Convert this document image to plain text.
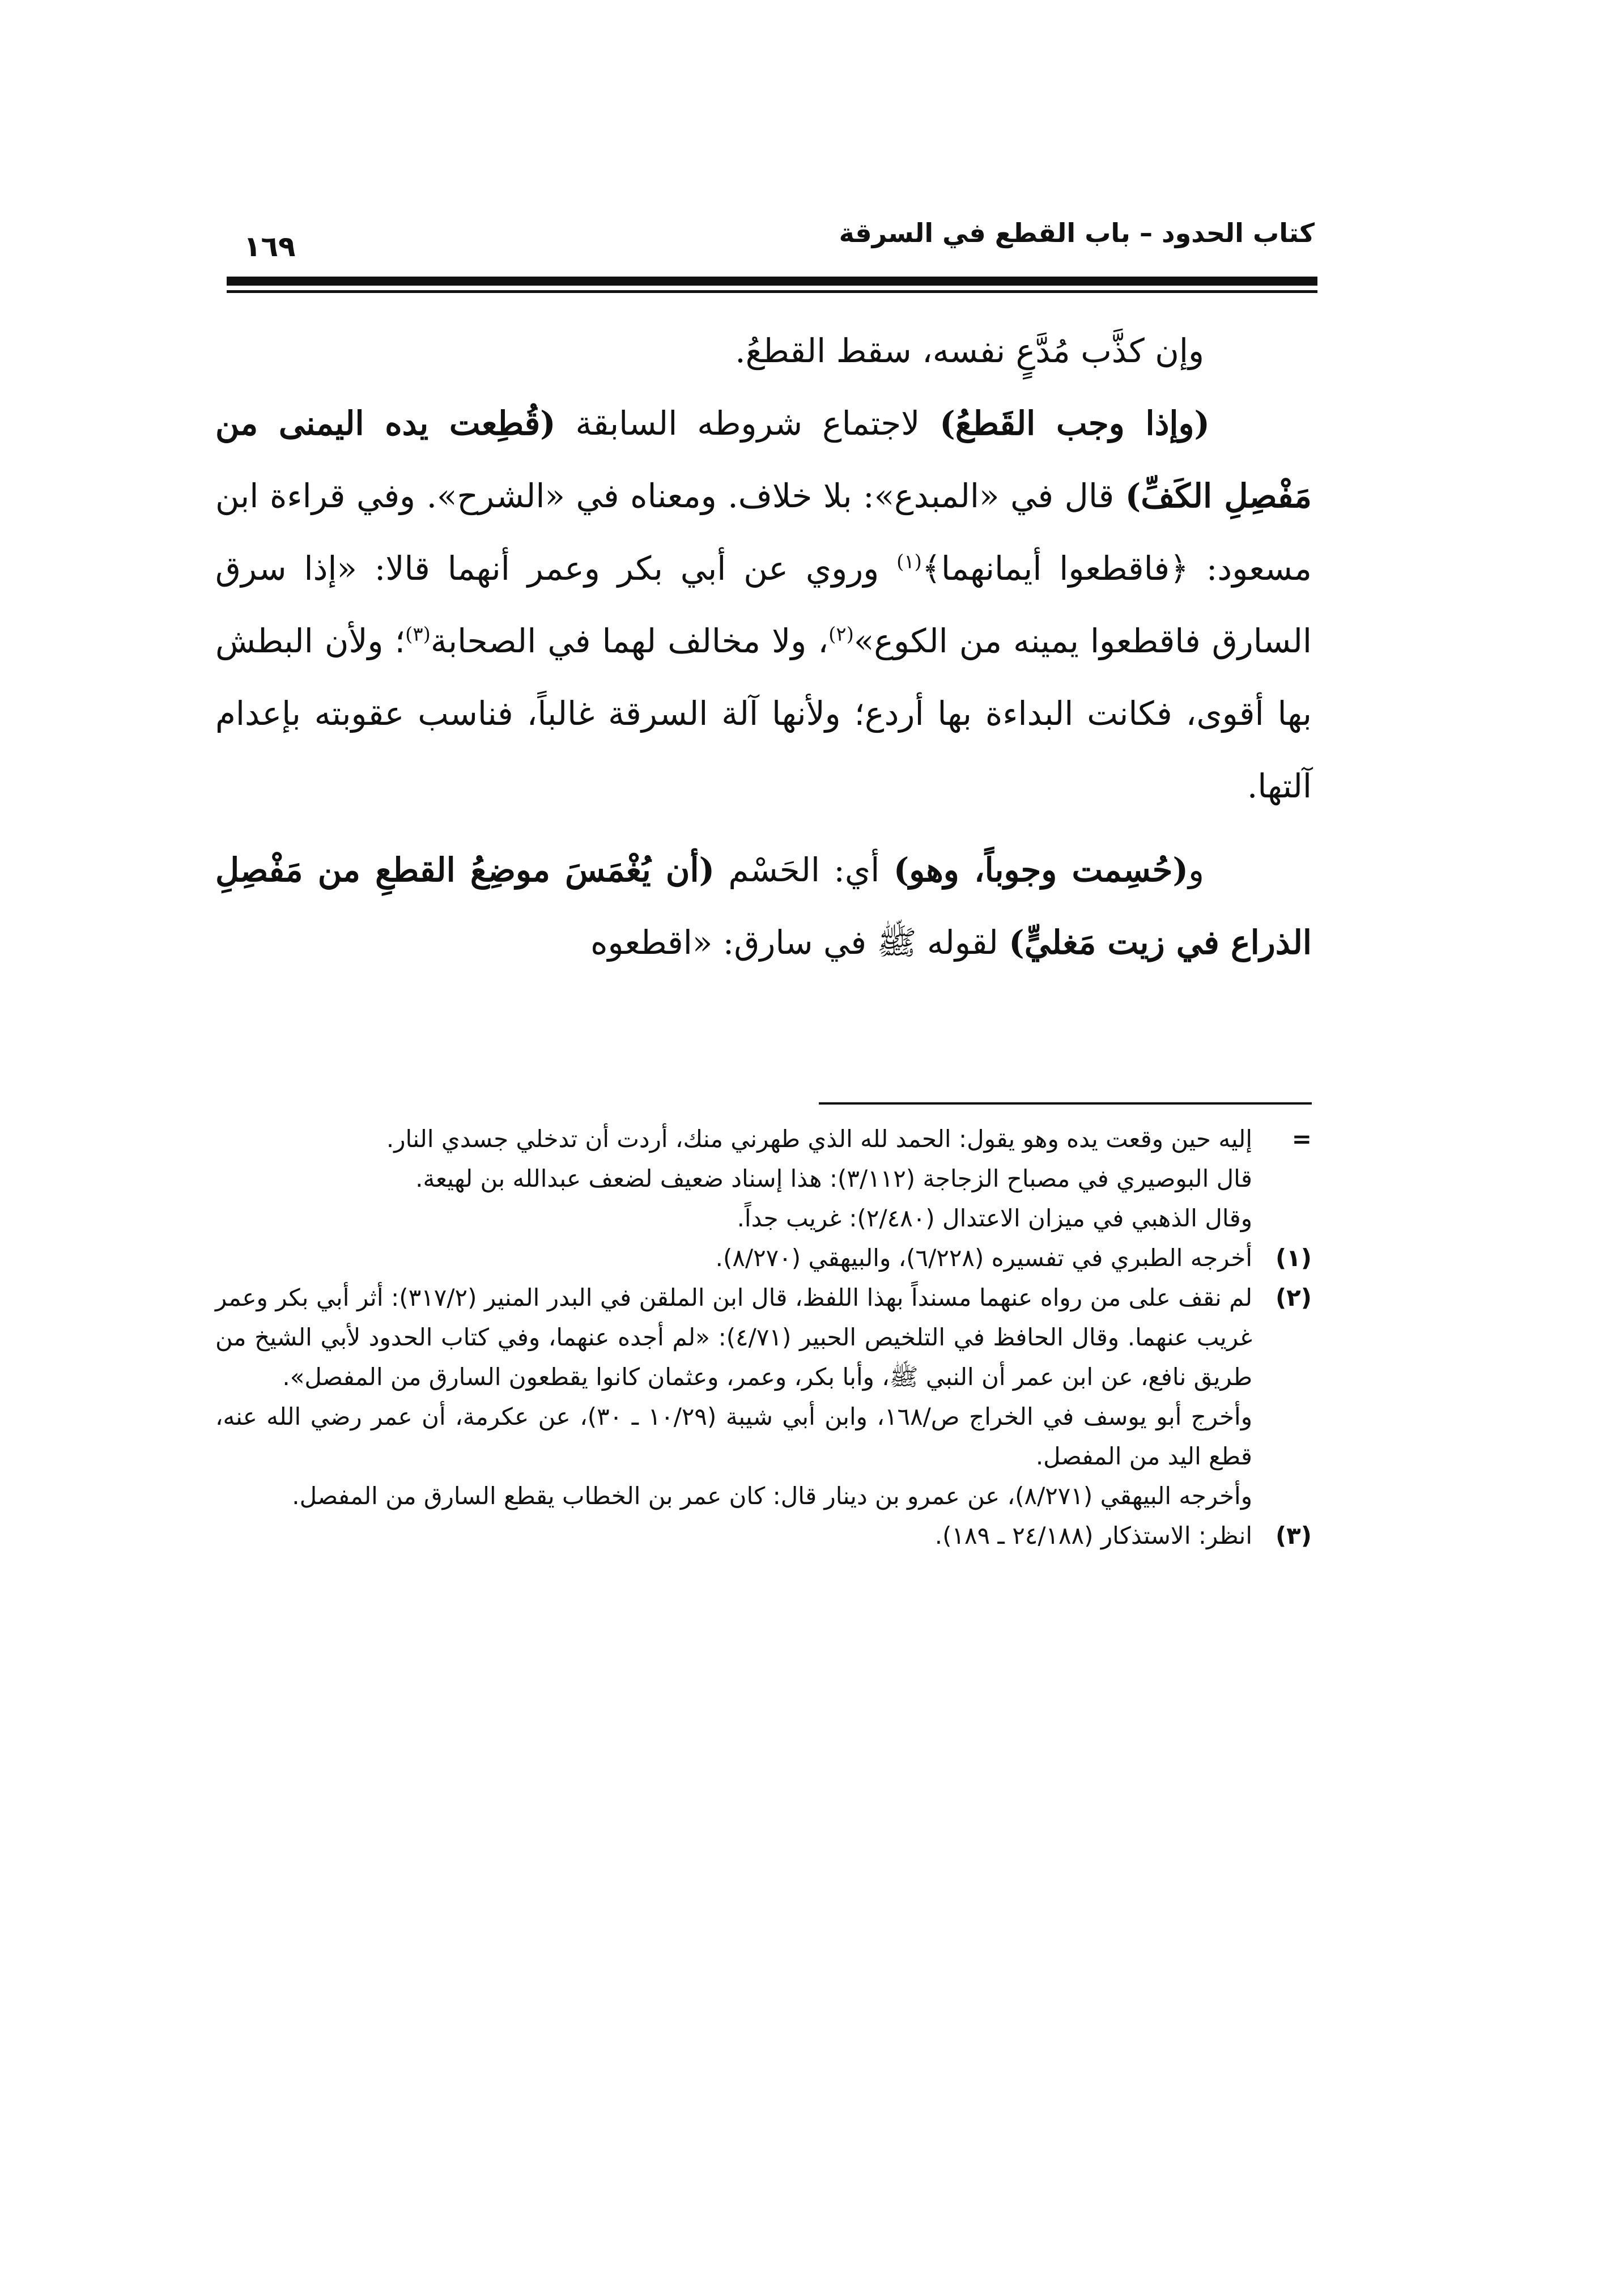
كتاب الحدود – باب القطع في السرقة
١٦٩

وإن كذَّب مُدَّعٍ نفسه، سقط القطعُ.

(وإذا وجب القَطعُ) لاجتماع شروطه السابقة (قُطِعت يده اليمنى من مَفْصِلِ الكَفِّ) قال في «المبدع»: بلا خلاف. ومعناه في «الشرح». وفي قراءة ابن مسعود: ﴿فاقطعوا أيمانهما﴾$^{(١)}$ وروي عن أبي بكر وعمر أنهما قالا: «إذا سرق السارق فاقطعوا يمينه من الكوع»$^{(٢)}$، ولا مخالف لهما في الصحابة$^{(٣)}$؛ ولأن البطش بها أقوى، فكانت البداءة بها أردع؛ ولأنها آلة السرقة غالباً، فناسب عقوبته بإعدام آلتها.

و(حُسِمت وجوباً، وهو) أي: الحَسْم (أن يُغْمَسَ موضِعُ القطعِ من مَفْصِلِ الذراع في زيت مَغليٍّ) لقوله ﷺ في سارق: «اقطعوه

=
إليه حين وقعت يده وهو يقول: الحمد لله الذي طهرني منك، أردت أن تدخلي جسدي النار.
قال البوصيري في مصباح الزجاجة (٣/١١٢): هذا إسناد ضعيف لضعف عبدالله بن لهيعة.
وقال الذهبي في ميزان الاعتدال (٢/٤٨٠): غريب جداً.
(١)
أخرجه الطبري في تفسيره (٦/٢٢٨)، والبيهقي (٨/٢٧٠).
(٢)
لم نقف على من رواه عنهما مسنداً بهذا اللفظ، قال ابن الملقن في البدر المنير (٣١٧/٢): أثر أبي بكر وعمر غريب عنهما. وقال الحافظ في التلخيص الحبير (٤/٧١): «لم أجده عنهما، وفي كتاب الحدود لأبي الشيخ من طريق نافع، عن ابن عمر أن النبي ﷺ، وأبا بكر، وعمر، وعثمان كانوا يقطعون السارق من المفصل».
وأخرج أبو يوسف في الخراج ص/١٦٨، وابن أبي شيبة (١٠/٢٩ ـ ٣٠)، عن عكرمة، أن عمر رضي الله عنه، قطع اليد من المفصل.
وأخرجه البيهقي (٨/٢٧١)، عن عمرو بن دينار قال: كان عمر بن الخطاب يقطع السارق من المفصل.
(٣)
انظر: الاستذكار (٢٤/١٨٨ ـ ١٨٩).
